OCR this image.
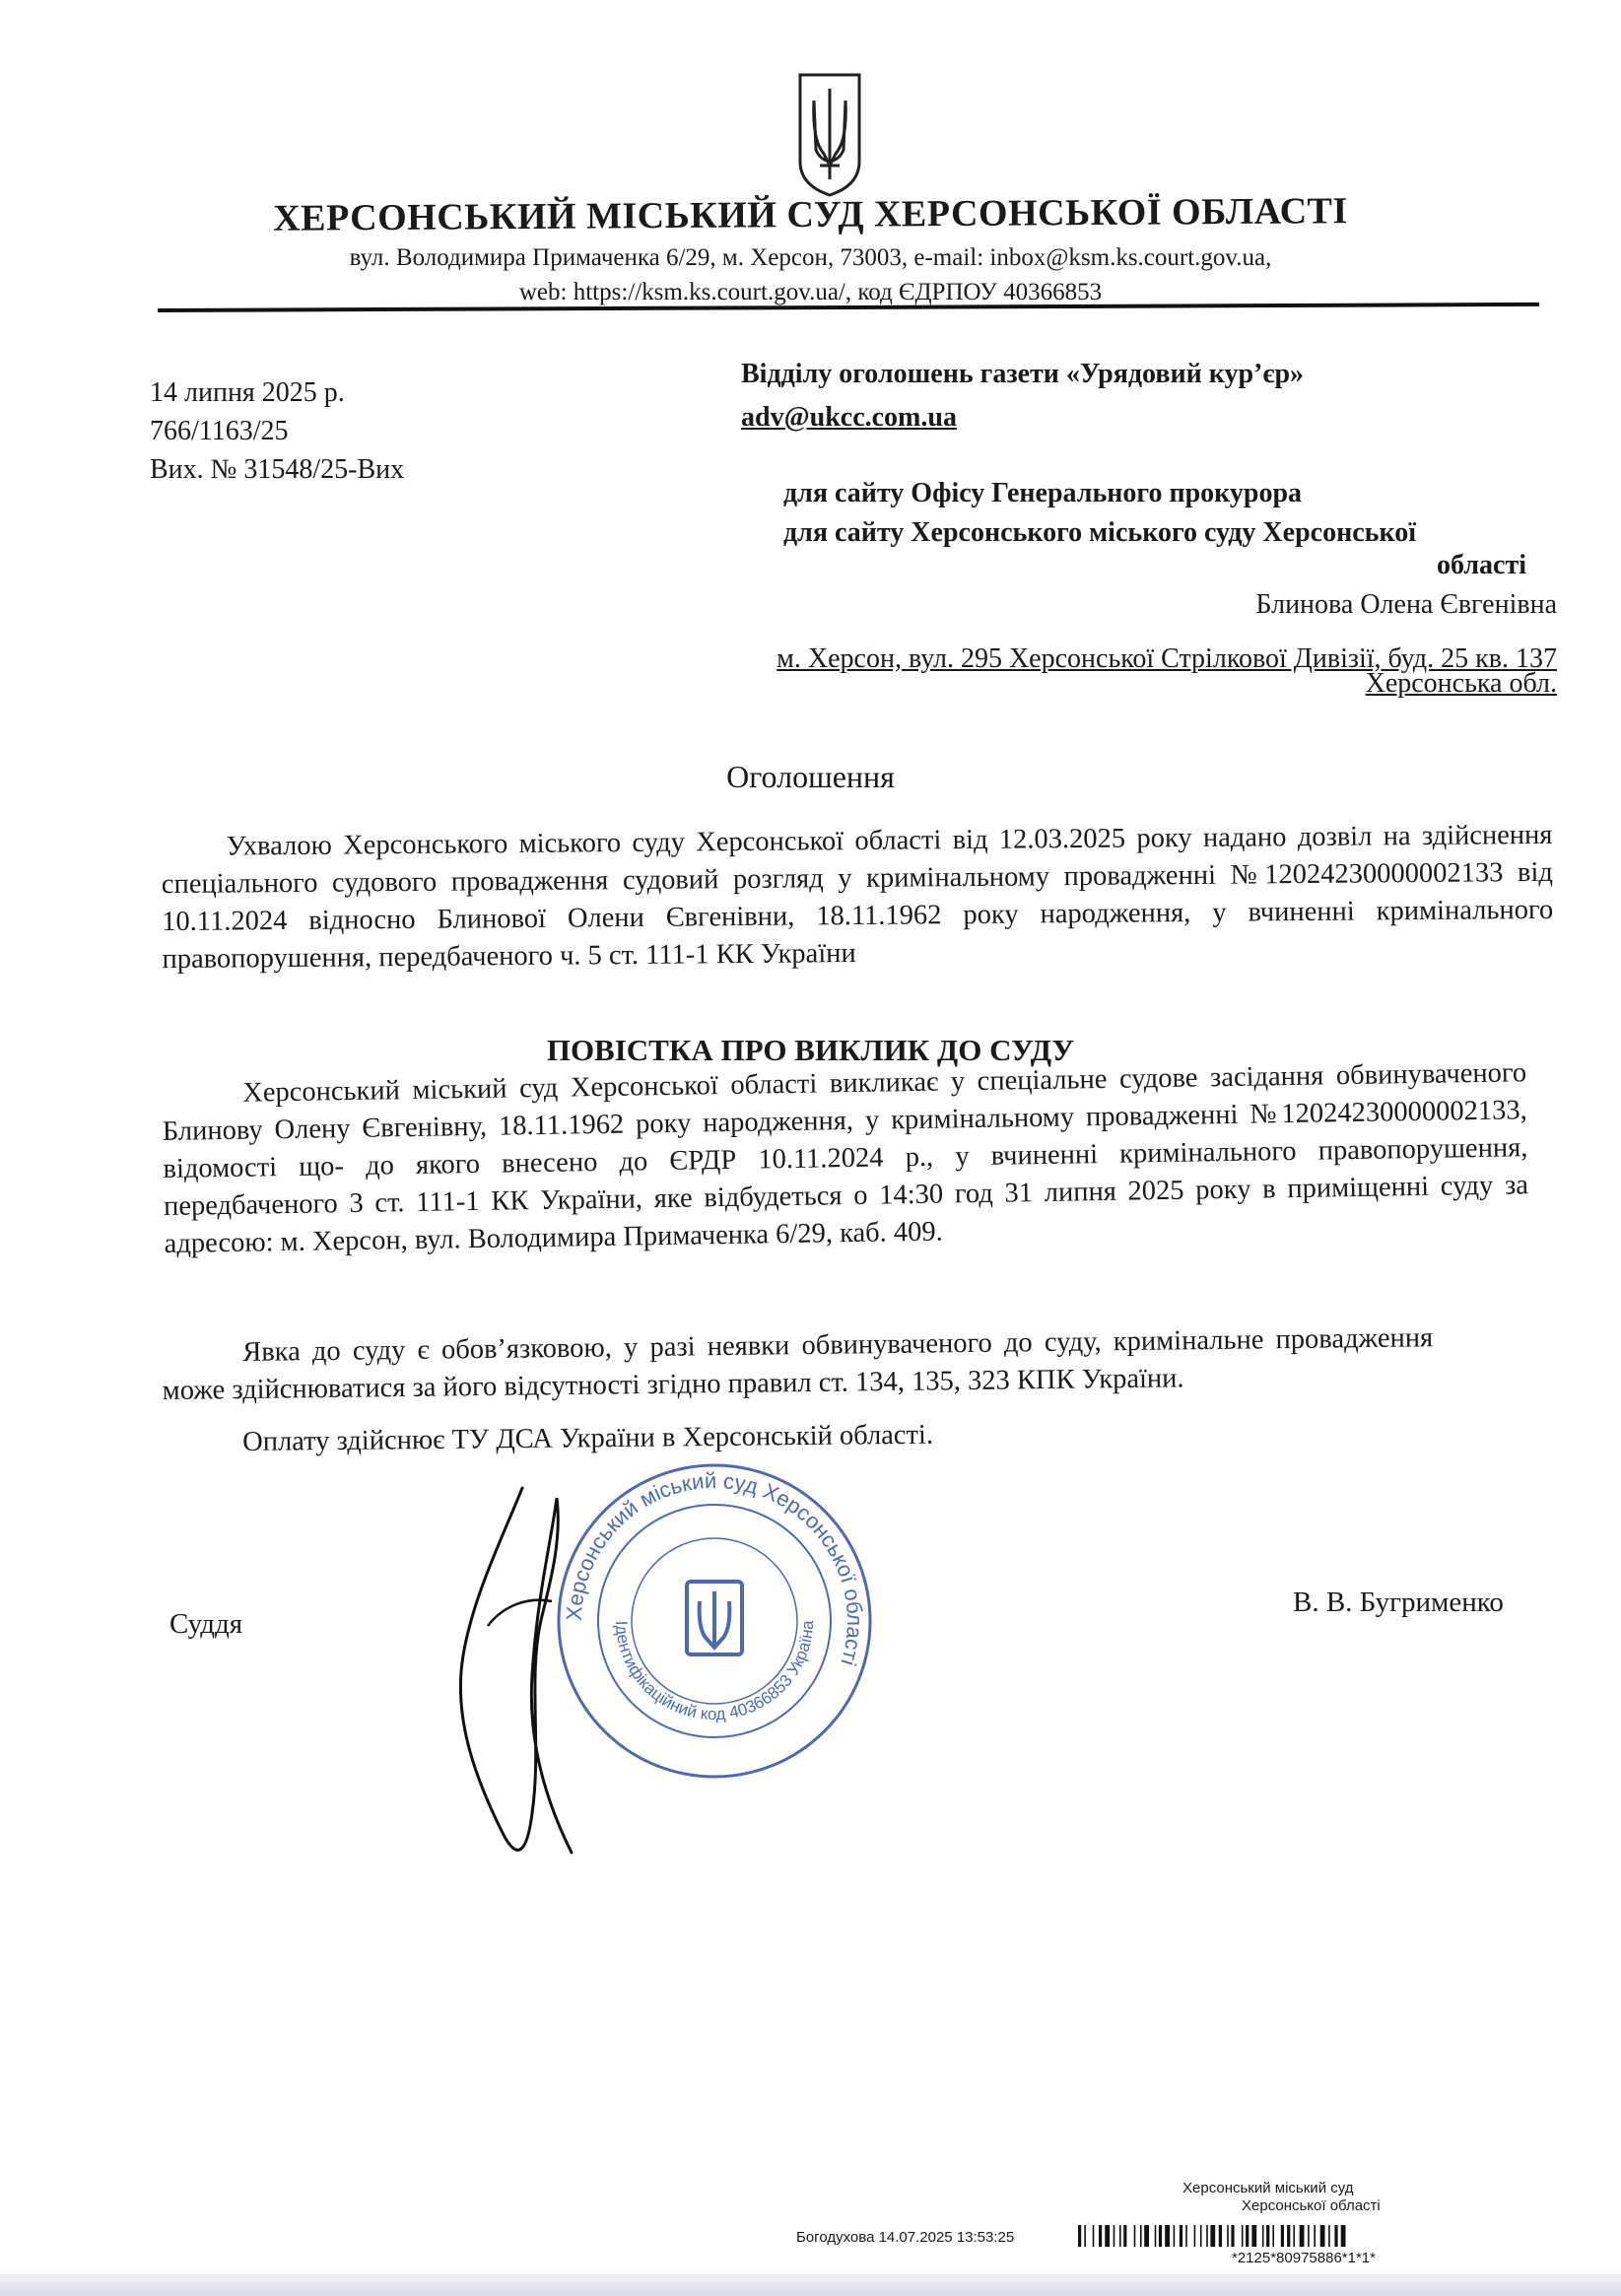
ХЕРСОНСЬКИЙ МІСЬКИЙ СУД ХЕРСОНСЬКОЇ ОБЛАСТІ
вул. Володимира Примаченка 6/29, м. Херсон, 73003, e-mail: inbox@ksm.ks.court.gov.ua,
web: https://ksm.ks.court.gov.ua/, код ЄДРПОУ 40366853
14 липня 2025 р.
766/1163/25
Вих. № 31548/25-Вих
Відділу оголошень газети «Урядовий кур’єр»
adv@ukcc.com.ua
для сайту Офісу Генерального прокурора
для сайту Херсонського міського суду Херсонської
області
Блинова Олена Євгенівна
м. Херсон, вул. 295 Херсонської Стрілкової Дивізії, буд. 25 кв. 137
Херсонська обл.
Оголошення
Ухвалою Херсонського міського суду Херсонської області від 12.03.2025 року надано дозвіл на здійснення спеціального судового провадження судовий розгляд у кримінальному провадженні №12024230000002133 від 10.11.2024 відносно Блинової Олени Євгенівни, 18.11.1962 року народження, у вчиненні кримінального правопорушення, передбаченого ч. 5 ст. 111-1 КК України
ПОВІСТКА ПРО ВИКЛИК ДО СУДУ
Херсонський міський суд Херсонської області викликає у спеціальне судове засідання обвинуваченого Блинову Олену Євгенівну, 18.11.1962 року народження, у кримінальному провадженні №12024230000002133, відомості що- до якого внесено до ЄРДР 10.11.2024 р., у вчиненні кримінального правопорушення, передбаченого 3 ст. 111-1 КК України, яке відбудеться о 14:30 год 31 липня 2025 року в приміщенні суду за адресою: м. Херсон, вул. Володимира Примаченка 6/29, каб. 409.
Явка до суду є обов’язковою, у разі неявки обвинуваченого до суду, кримінальне провадження може здійснюватися за його відсутності згідно правил ст. 134, 135, 323 КПК України.
Оплату здійснює ТУ ДСА України в Херсонській області.
Суддя
В. В. Бугрименко
Херсонський міський суд Херсонської області
Ідентифікаційний код 40366853 Україна
Херсонський міський суд
Херсонської області
Богодухова 14.07.2025 13:53:25
*2125*80975886*1*1*
